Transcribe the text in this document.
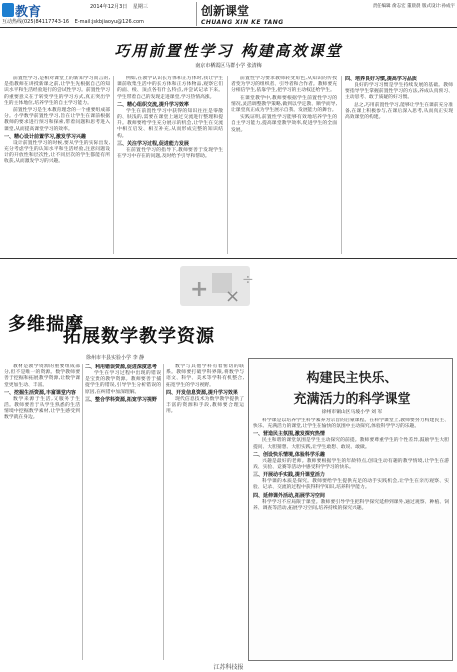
教育	2014年12月3日 星期三
互动热线(025)84117743-16 E-mail:jskbjiaoyu@126.com
创新课堂
CHUANG XIN KE TANG
责任编辑 俞志宏 董晨晨 版式设计:孙成宇
巧用前置性学习 构建高效课堂
南京市栖霞区马群小学 张清梅

前置性学习,是相对课堂上的新知学习而言的,是指教师在讲授新课之前,让学生先根据自己的知识水平和生活经验进行的尝试性学习。前置性学习的重要意义在于转变学生的学习方式,真正突出学生的主体地位,培养学生的自主学习能力。

前置性学习是生本教育理念的一个重要组成部分。小学数学前置性学习,旨在让学生在课前根据教师的要求进行预习和探索,带着问题和思考进入课堂,从而提高课堂学习的效率。

一、精心设计前置学习,激发学习兴趣

设计前置性学习的时候,要从学生的实际出发,充分考虑学生的认知水平和生活经验,注意问题设计的开放性和层次性,让不同层次的学生都能有所收获,从而激发学习的兴趣。

例如,在教学认识长方体和正方体时,我让学生课前收集生活中的长方体和正方体物品,观察它们的面、棱、顶点各有什么特点,并尝试记录下来。学生带着自己的发现走进课堂,学习热情高涨。

二、精心组织交流,提升学习效率

学生在前置性学习中获得的知识往往是零散的、肤浅的,需要在课堂上通过交流进行整理和提升。教师要给学生充分展示的机会,让学生在交流中相互启发、相互补充,从而形成完整的知识结构。

三、关注学习过程,促进能力发展

在前置性学习的指导下,教师要善于发现学生在学习中存在的问题,及时给予引导和帮助。

前置性学习要求教师转变角色,从知识的传授者变为学习的组织者、引导者和合作者。教师要充分相信学生,依靠学生,把学习的主动权还给学生。

在课堂教学中,教师要根据学生前置性学习的情况,灵活调整教学策略,做到以学定教、顺学而导,让课堂真正成为学生展示自我、发展能力的舞台。

实践证明,前置性学习能够有效地培养学生的自主学习能力,提高课堂教学效率,促进学生的全面发展。

四、培养良好习惯,提高学习品质

良好的学习习惯是学生持续发展的基础。教师要指导学生掌握前置性学习的方法,养成认真预习、主动思考、敢于质疑的好习惯。

总之,巧用前置性学习,能够让学生在课前充分准备,在课上积极参与,在课后深入思考,从而真正实现高效课堂的构建。

+ ×
÷
多维揣摩
拓展数学教学资源
徐州市丰县实验小学 李 静

教材是教学资源的重要组成部分,但不是唯一的资源。数学教师要善于挖掘和拓展教学资源,让数学课堂更加生动、丰富。

一、挖掘生活资源,丰富课堂内容

数学来源于生活,又服务于生活。教师要善于从学生熟悉的生活情境中挖掘数学素材,让学生感受到数学就在身边。

二、利用错误资源,促进深度思考

学生在学习过程中出现的错误是宝贵的教学资源。教师要善于捕捉学生的错误,引导学生分析错误的原因,在纠错中加深理解。

三、整合学科资源,拓宽学习视野

数学与其他学科有着密切的联系。教师要打破学科界限,将数学与语文、科学、美术等学科有机整合,拓宽学生的学习视野。

四、开发信息资源,提升学习效果

现代信息技术为数学教学提供了丰富的资源和手段,教师要合理运用。

构建民主快乐、
充满活力的科学课堂
徐州市铜山区马坡小学 刘 军

科学课是以培养学生科学素养为宗旨的启蒙课程。在科学课堂上,教师要努力构建民主、快乐、充满活力的课堂,让学生在愉快的氛围中主动探究,体验科学学习的乐趣。

一、营造民主氛围,激发探究热情

民主和谐的课堂氛围是学生主动探究的前提。教师要尊重学生的个性差异,鼓励学生大胆提问、大胆猜想、大胆实践,让学生敢想、敢说、敢做。

二、创设快乐情境,体验科学乐趣

兴趣是最好的老师。教师要根据学生的年龄特点,创设生动有趣的教学情境,让学生在游戏、实验、竞赛等活动中感受科学学习的快乐。

三、开展动手实践,提升课堂活力

科学课的本质是探究。教师要给学生提供充足的动手实践机会,让学生在亲历观察、实验、记录、交流的过程中获得科学知识,培养科学能力。

四、延伸课外活动,拓展学习空间

科学学习不应局限于课堂。教师要引导学生把科学探究延伸到课外,通过观察、种植、饲养、调查等活动,拓展学习空间,培养持续的探究兴趣。

江苏科技报
